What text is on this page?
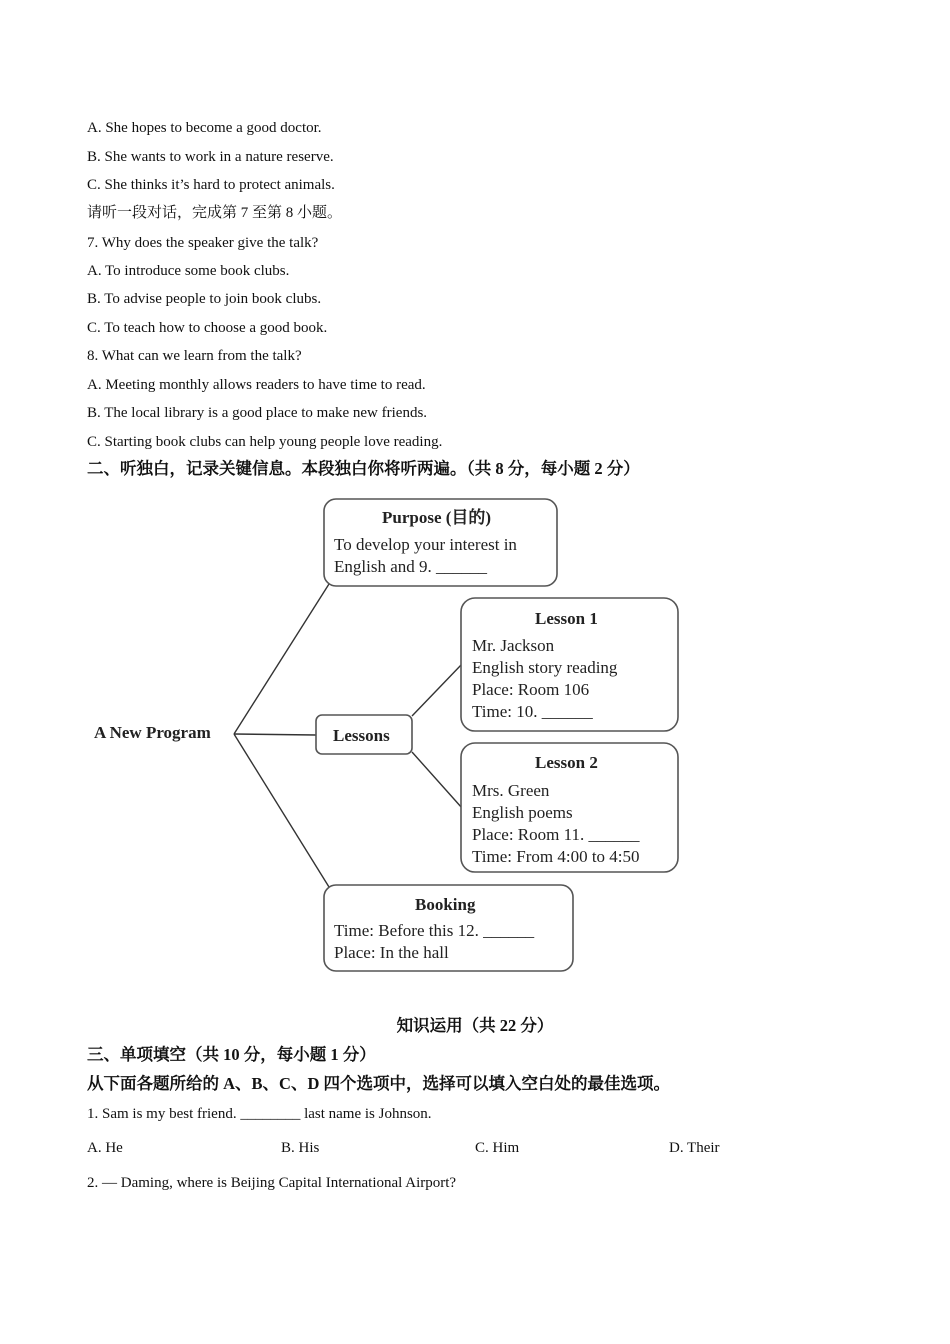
A. She hopes to become a good doctor.
B. She wants to work in a nature reserve.
C. She thinks it’s hard to protect animals.
请听一段对话，完成第 7 至第 8 小题。
7. Why does the speaker give the talk?
A. To introduce some book clubs.
B. To advise people to join book clubs.
C. To teach how to choose a good book.
8. What can we learn from the talk?
A. Meeting monthly allows readers to have time to read.
B. The local library is a good place to make new friends.
C. Starting book clubs can help young people love reading.
二、听独白，记录关键信息。本段独白你将听两遍。（共 8 分，每小题 2 分）
A New Program	Lessons
Purpose (目的)
To develop your interest in
English and 9. ______
Lesson 1
Mr. Jackson
English story reading
Place: Room 106
Time: 10. ______
Lesson 2
Mrs. Green
English poems
Place: Room 11. ______
Time: From 4:00 to 4:50
Booking
Time: Before this 12. ______
Place: In the hall
知识运用（共 22 分）
三、单项填空（共 10 分，每小题 1 分）
从下面各题所给的 A、B、C、D 四个选项中，选择可以填入空白处的最佳选项。
1. Sam is my best friend. ________ last name is Johnson.
A. He	B. His	C. Him	D. Their
2. — Daming, where is Beijing Capital International Airport?
